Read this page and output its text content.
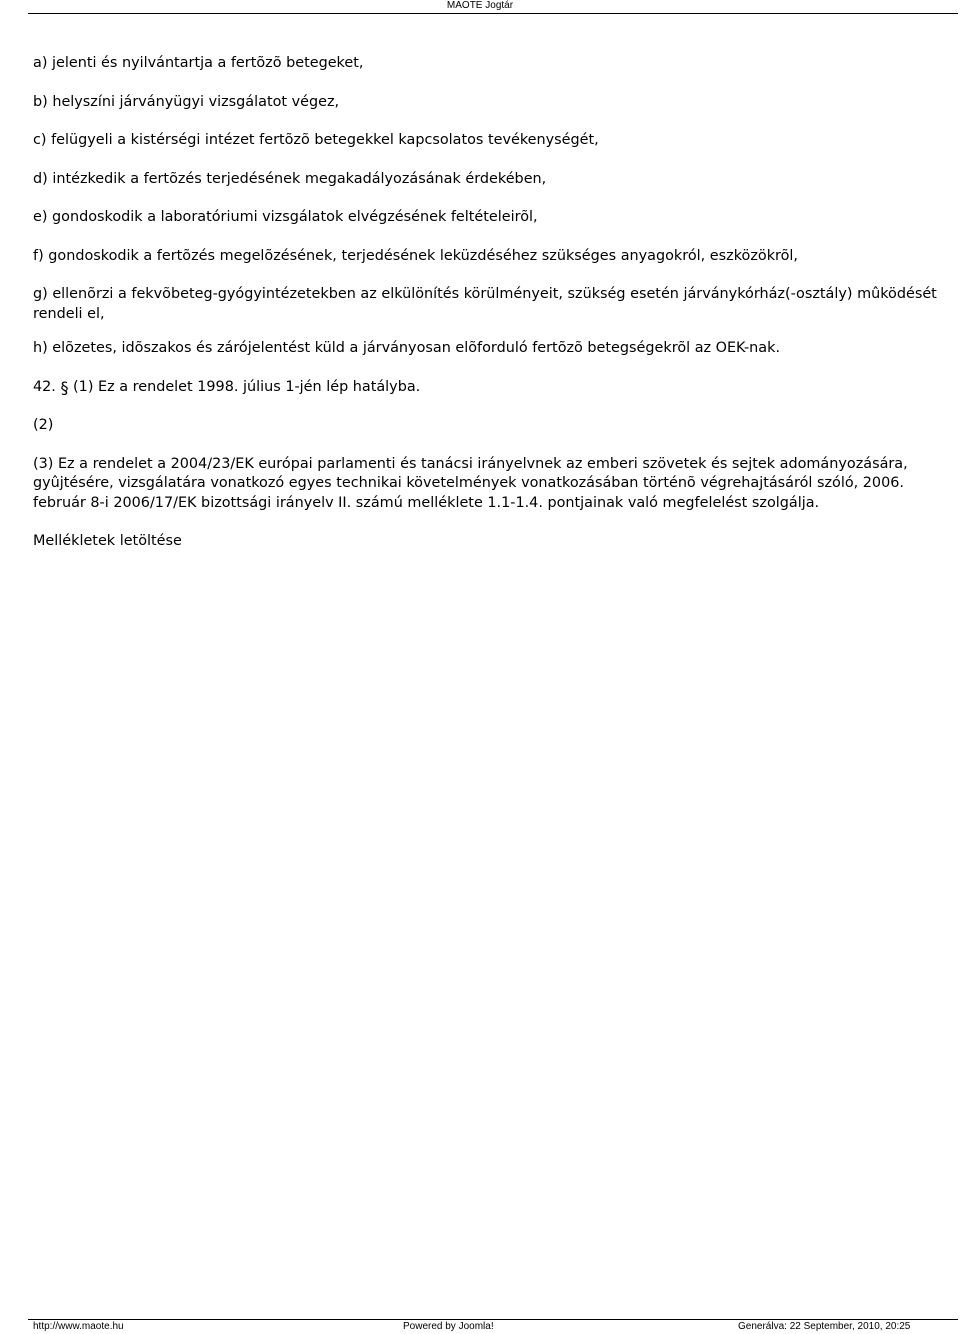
MAOTE Jogtár

a) jelenti és nyilvántartja a fertõzõ betegeket,

b) helyszíni járványügyi vizsgálatot végez,

c) felügyeli a kistérségi intézet fertõzõ betegekkel kapcsolatos tevékenységét,

d) intézkedik a fertõzés terjedésének megakadályozásának érdekében,

e) gondoskodik a laboratóriumi vizsgálatok elvégzésének feltételeirõl,

f) gondoskodik a fertõzés megelõzésének, terjedésének leküzdéséhez szükséges anyagokról, eszközökrõl,

g) ellenõrzi a fekvõbeteg-gyógyintézetekben az elkülönítés körülményeit, szükség esetén járványkórház(-osztály) mûködését rendeli el,

h) elõzetes, idõszakos és zárójelentést küld a járványosan elõforduló fertõzõ betegségekrõl az OEK-nak.

42. § (1) Ez a rendelet 1998. július 1-jén lép hatályba.

(2)

(3) Ez a rendelet a 2004/23/EK európai parlamenti és tanácsi irányelvnek az emberi szövetek és sejtek adományozására, gyûjtésére, vizsgálatára vonatkozó egyes technikai követelmények vonatkozásában történõ végrehajtásáról szóló, 2006. február 8-i 2006/17/EK bizottsági irányelv II. számú melléklete 1.1-1.4. pontjainak való megfelelést szolgálja.

Mellékletek letöltése

http://www.maote.hu	Powered by Joomla!	Generálva: 22 September, 2010, 20:25
